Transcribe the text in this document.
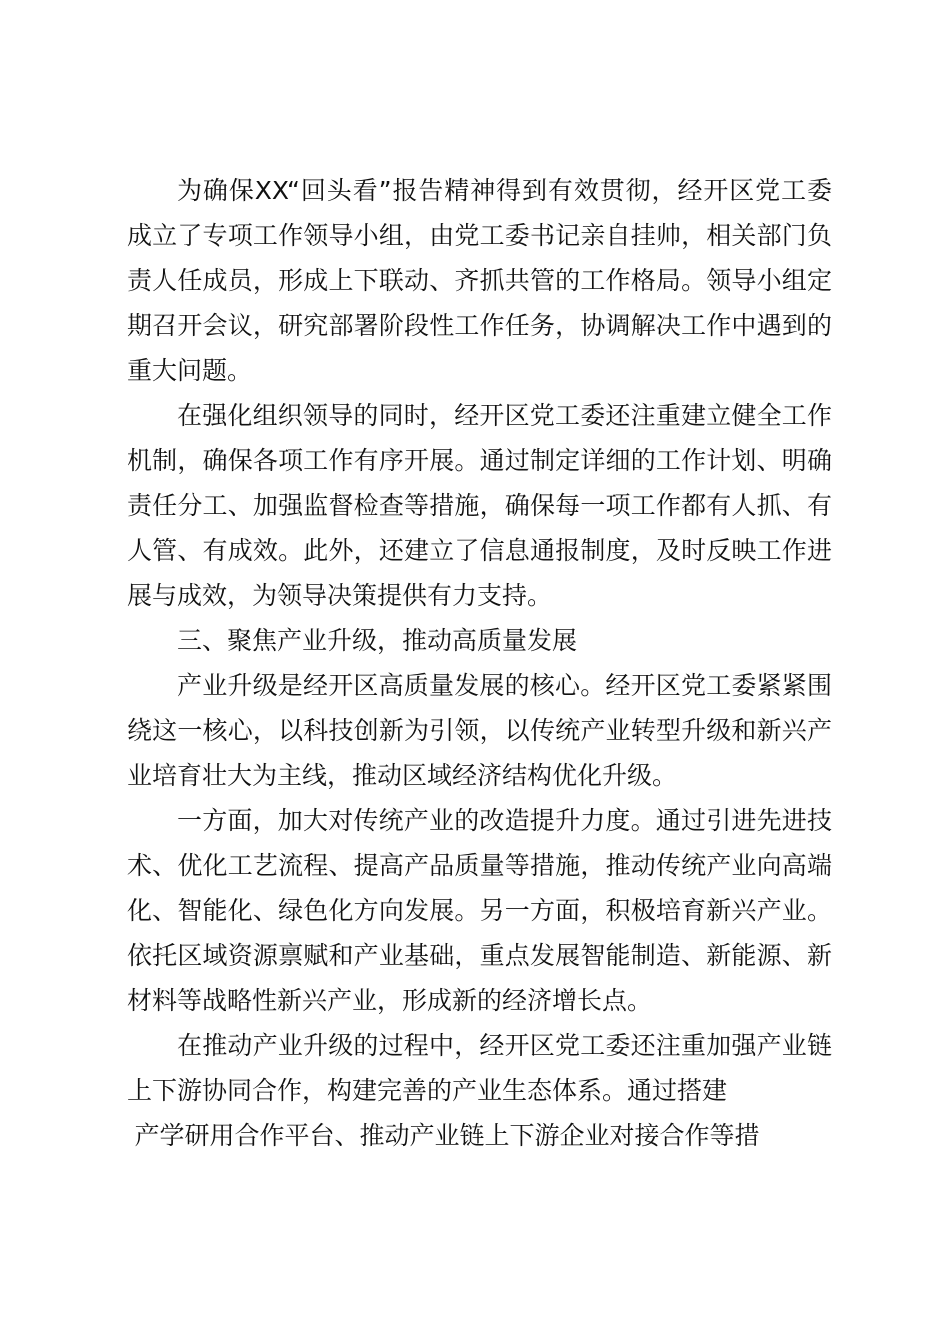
为确保XX“回头看”报告精神得到有效贯彻，经开区党工委成立了专项工作领导小组，由党工委书记亲自挂帅，相关部门负责人任成员，形成上下联动、齐抓共管的工作格局。领导小组定期召开会议，研究部署阶段性工作任务，协调解决工作中遇到的重大问题。

在强化组织领导的同时，经开区党工委还注重建立健全工作机制，确保各项工作有序开展。通过制定详细的工作计划、明确责任分工、加强监督检查等措施，确保每一项工作都有人抓、有人管、有成效。此外，还建立了信息通报制度，及时反映工作进展与成效，为领导决策提供有力支持。

三、聚焦产业升级，推动高质量发展

产业升级是经开区高质量发展的核心。经开区党工委紧紧围绕这一核心，以科技创新为引领，以传统产业转型升级和新兴产业培育壮大为主线，推动区域经济结构优化升级。

一方面，加大对传统产业的改造提升力度。通过引进先进技术、优化工艺流程、提高产品质量等措施，推动传统产业向高端化、智能化、绿色化方向发展。另一方面，积极培育新兴产业。依托区域资源禀赋和产业基础，重点发展智能制造、新能源、新材料等战略性新兴产业，形成新的经济增长点。

在推动产业升级的过程中，经开区党工委还注重加强产业链上下游协同合作，构建完善的产业生态体系。通过搭建

产学研用合作平台、推动产业链上下游企业对接合作等措
